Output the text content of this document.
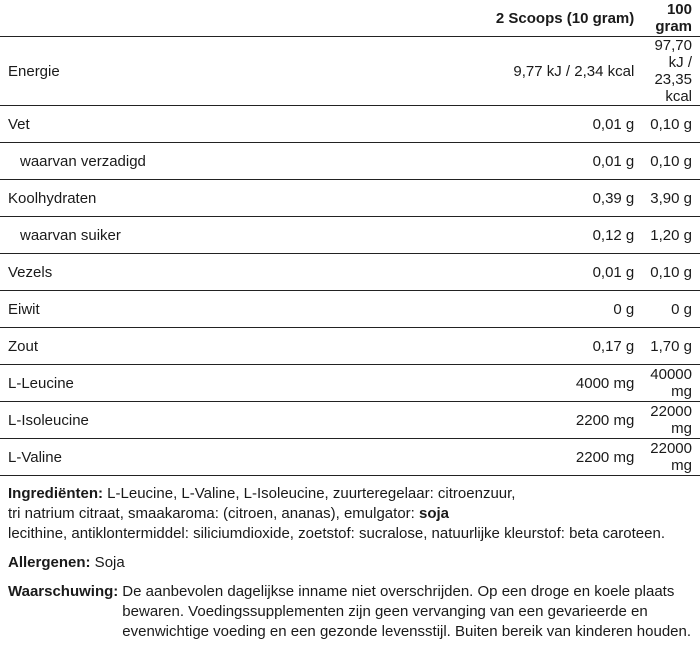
	2 Scoops (10 gram)	100 gram
Energie	9,77 kJ / 2,34 kcal	97,70 kJ / 23,35 kcal
Vet	0,01 g	0,10 g
waarvan verzadigd	0,01 g	0,10 g
Koolhydraten	0,39 g	3,90 g
waarvan suiker	0,12 g	1,20 g
Vezels	0,01 g	0,10 g
Eiwit	0 g	0 g
Zout	0,17 g	1,70 g
L-Leucine	4000 mg	40000 mg
L-Isoleucine	2200 mg	22000 mg
L-Valine	2200 mg	22000 mg

Ingrediënten: L-Leucine, L-Valine, L-Isoleucine, zuurteregelaar: citroenzuur,
tri natrium citraat, smaakaroma: (citroen, ananas), emulgator: soja
lecithine, antiklontermiddel: siliciumdioxide, zoetstof: sucralose, natuurlijke kleurstof: beta caroteen.

Allergenen: Soja

Waarschuwing: De aanbevolen dagelijkse inname niet overschrijden. Op een droge en koele plaats bewaren. Voedingssupplementen zijn geen vervanging van een gevarieerde en evenwichtige voeding en een gezonde levensstijl. Buiten bereik van kinderen houden.
